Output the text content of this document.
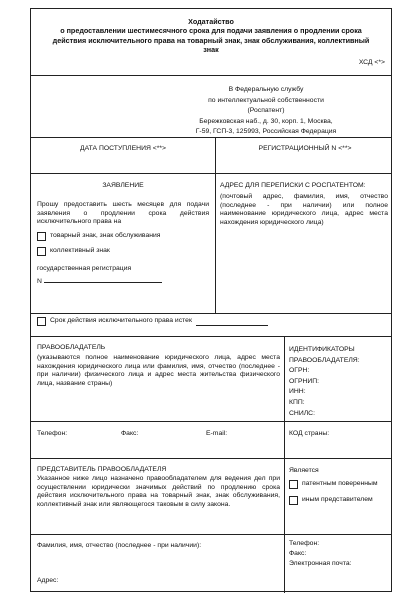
Ходатайство
о предоставлении шестимесячного срока для подачи заявления о продлении срока
действия исключительного права на товарный знак, знак обслуживания, коллективный
знак
ХСД <*>
В Федеральную службу
по интеллектуальной собственности
(Роспатент)
Бережковская наб., д. 30, корп. 1, Москва,
Г-59, ГСП-3, 125993, Российская Федерация
ДАТА ПОСТУПЛЕНИЯ <**>	РЕГИСТРАЦИОННЫЙ N <**>
ЗАЯВЛЕНИЕ
Прошу предоставить шесть месяцев для подачи заявления о продлении срока действия исключительного права на
товарный знак, знак обслуживания
коллективный знак
государственная регистрация
N
АДРЕС ДЛЯ ПЕРЕПИСКИ С РОСПАТЕНТОМ:
(почтовый адрес, фамилия, имя, отчество (последнее - при наличии) или полное наименование юридического лица, адрес места нахождения юридического лица)
Срок действия исключительного права истек
ПРАВООБЛАДАТЕЛЬ
(указываются полное наименование юридического лица, адрес места нахождения юридического лица или фамилия, имя, отчество (последнее - при наличии) физического лица и адрес места жительства физического лица, название страны)
ИДЕНТИФИКАТОРЫ
ПРАВООБЛАДАТЕЛЯ:
ОГРН:
ОГРНИП:
ИНН:
КПП:
СНИЛС:
Телефон:	Факс:	E-mail:	КОД страны:
ПРЕДСТАВИТЕЛЬ ПРАВООБЛАДАТЕЛЯ
Указанное ниже лицо назначено правообладателем для ведения дел при осуществлении юридически значимых действий по продлению срока действия исключительного права на товарный знак, знак обслуживания, коллективный знак или являющегося таковым в силу закона.
Является
патентным поверенным
иным представителем
Фамилия, имя, отчество (последнее - при наличии):
Адрес:
Телефон:
Факс:
Электронная почта:
